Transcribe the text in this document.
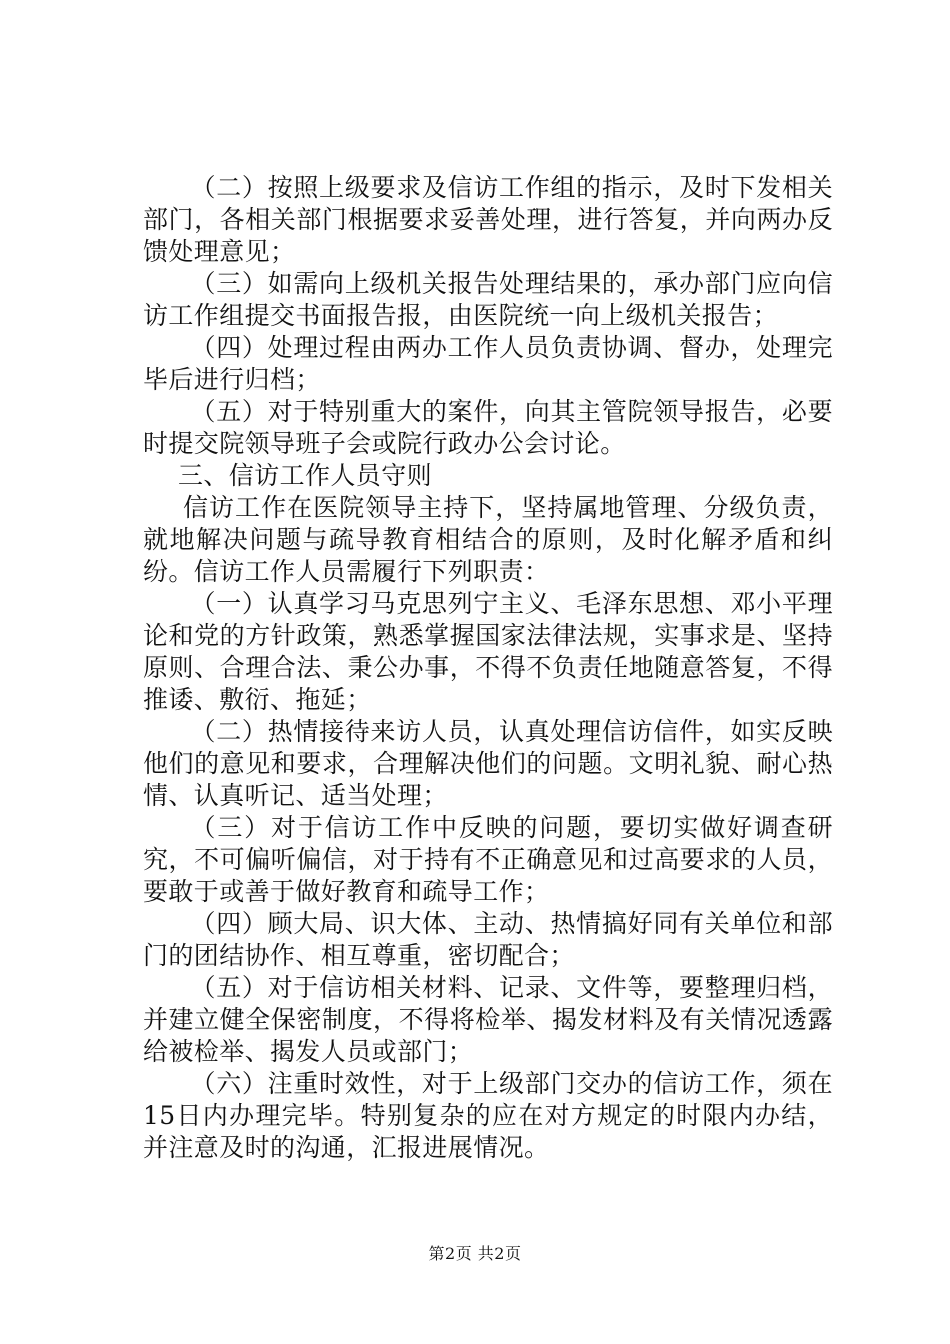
（二）按照上级要求及信访工作组的指示，及时下发相关部门，各相关部门根据要求妥善处理，进行答复，并向两办反馈处理意见；

（三）如需向上级机关报告处理结果的，承办部门应向信访工作组提交书面报告报，由医院统一向上级机关报告；

（四）处理过程由两办工作人员负责协调、督办，处理完毕后进行归档；

（五）对于特别重大的案件，向其主管院领导报告，必要时提交院领导班子会或院行政办公会讨论。

三、信访工作人员守则

信访工作在医院领导主持下，坚持属地管理、分级负责，就地解决问题与疏导教育相结合的原则，及时化解矛盾和纠纷。信访工作人员需履行下列职责：

（一）认真学习马克思列宁主义、毛泽东思想、邓小平理论和党的方针政策，熟悉掌握国家法律法规，实事求是、坚持原则、合理合法、秉公办事，不得不负责任地随意答复，不得推诿、敷衍、拖延；

（二）热情接待来访人员，认真处理信访信件，如实反映他们的意见和要求，合理解决他们的问题。文明礼貌、耐心热情、认真听记、适当处理；

（三）对于信访工作中反映的问题，要切实做好调查研究，不可偏听偏信，对于持有不正确意见和过高要求的人员，要敢于或善于做好教育和疏导工作；

（四）顾大局、识大体、主动、热情搞好同有关单位和部门的团结协作、相互尊重，密切配合；

（五）对于信访相关材料、记录、文件等，要整理归档，并建立健全保密制度，不得将检举、揭发材料及有关情况透露给被检举、揭发人员或部门；

（六）注重时效性，对于上级部门交办的信访工作，须在15日内办理完毕。特别复杂的应在对方规定的时限内办结，并注意及时的沟通，汇报进展情况。

第2页 共2页
